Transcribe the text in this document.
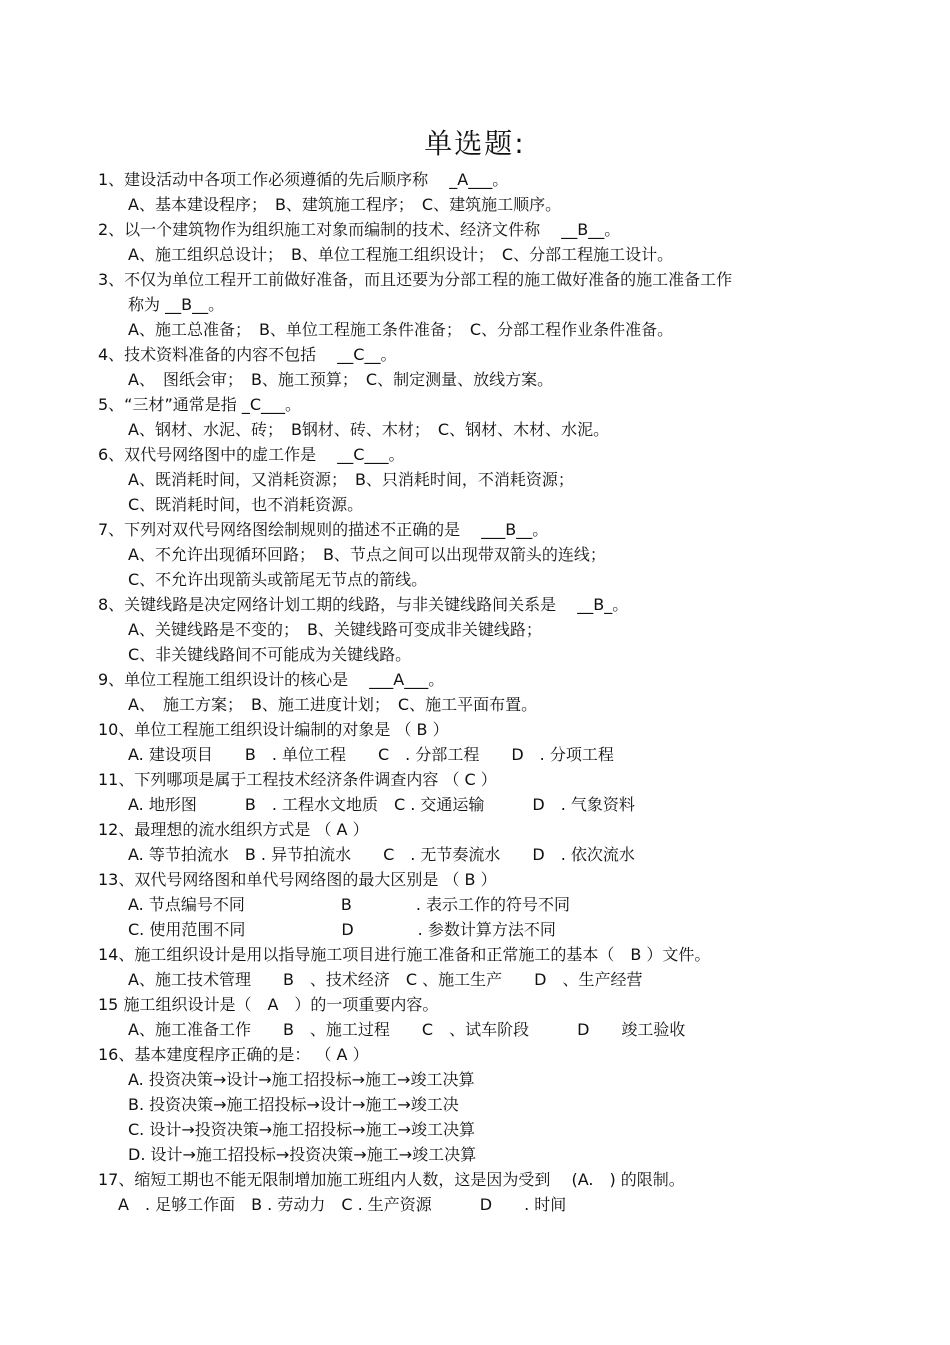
单选题:
1、建设活动中各项工作必须遵循的先后顺序称 　_A___。
A、基本建设程序；　B、建筑施工程序；　C、建筑施工顺序。
2、以一个建筑物作为组织施工对象而编制的技术、经济文件称 　__B__。
A、施工组织总设计；　B、单位工程施工组织设计；　C、分部工程施工设计。
3、不仅为单位工程开工前做好准备，而且还要为分部工程的施工做好准备的施工准备工作
称为 __B__。
A、施工总准备；　B、单位工程施工条件准备；　C、分部工程作业条件准备。
4、技术资料准备的内容不包括 　__C__。
A、　图纸会审；　B、施工预算；　C、制定测量、放线方案。
5、“三材”通常是指 _C___。
A、钢材、水泥、砖；　B钢材、砖、木材；　C、钢材、木材、水泥。
6、双代号网络图中的虚工作是 　__C___。
A、既消耗时间，又消耗资源；　B、只消耗时间，不消耗资源；
C、既消耗时间，也不消耗资源。
7、下列对双代号网络图绘制规则的描述不正确的是 　___B__。
A、不允许出现循环回路；　B、节点之间可以出现带双箭头的连线；
C、不允许出现箭头或箭尾无节点的箭线。
8、关键线路是决定网络计划工期的线路，与非关键线路间关系是 　__B_。
A、关键线路是不变的；　B、关键线路可变成非关键线路；
C、非关键线路间不可能成为关键线路。
9、单位工程施工组织设计的核心是 　___A___。
A、　施工方案；　B、施工进度计划；　C、施工平面布置。
10、单位工程施工组织设计编制的对象是 （ B ）
A. 建设项目　　B　. 单位工程　　C　. 分部工程　　D　. 分项工程
11、下列哪项是属于工程技术经济条件调查内容 （ C ）
A. 地形图　　　B　. 工程水文地质　C . 交通运输　　　D　. 气象资料
12、最理想的流水组织方式是 （ A ）
A. 等节拍流水　B . 异节拍流水　　C　. 无节奏流水　　D　. 依次流水
13、双代号网络图和单代号网络图的最大区别是 （ B ）
A. 节点编号不同　　　　　　B　　　　. 表示工作的符号不同
C. 使用范围不同　　　　　　D　　　　. 参数计算方法不同
14、施工组织设计是用以指导施工项目进行施工准备和正常施工的基本（　B ）文件。
A、施工技术管理　　B　、技术经济　C 、施工生产　　D　、生产经营
15 施工组织设计是（　A　）的一项重要内容。
A、施工准备工作　　B　、施工过程　　C　、试车阶段　　　D　　竣工验收
16、基本建度程序正确的是： （ A ）
A. 投资决策→设计→施工招投标→施工→竣工决算
B. 投资决策→施工招投标→设计→施工→竣工决
C. 设计→投资决策→施工招投标→施工→竣工决算
D. 设计→施工招投标→投资决策→施工→竣工决算
17、缩短工期也不能无限制增加施工班组内人数，这是因为受到 　(A.　) 的限制。
A　. 足够工作面　B . 劳动力　C . 生产资源　　　D　　. 时间
